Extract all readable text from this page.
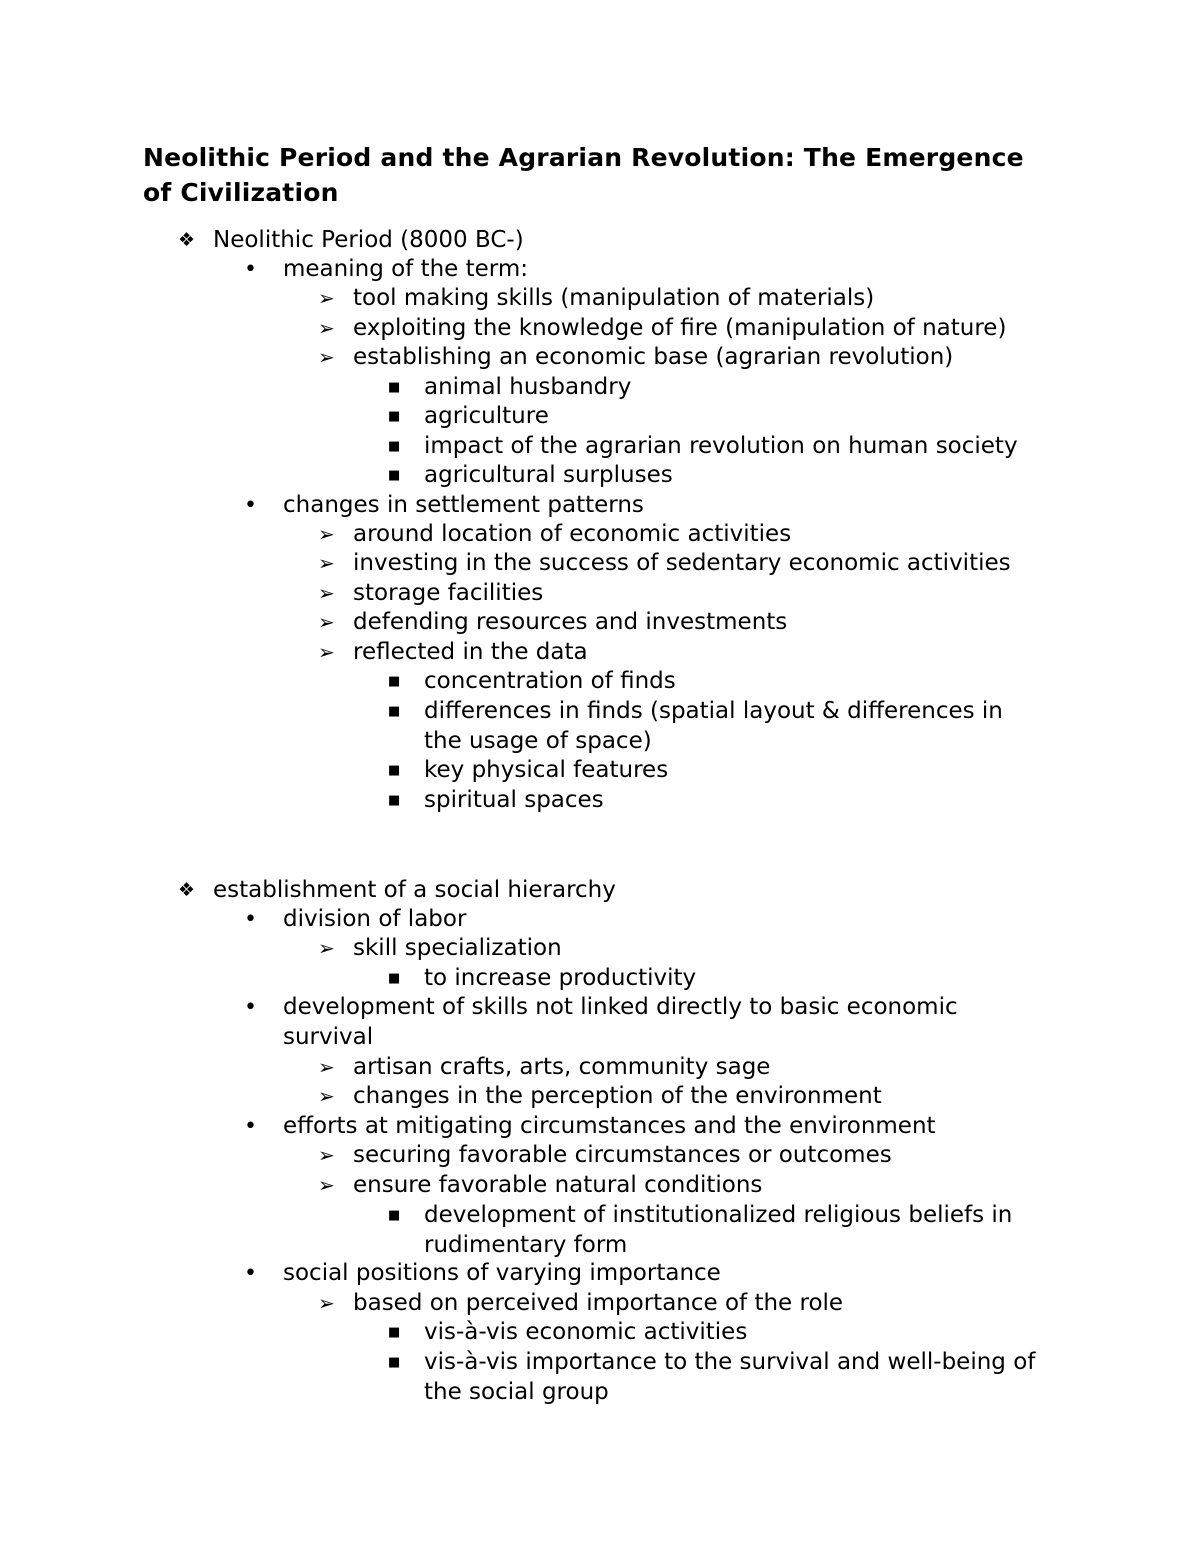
Neolithic Period and the Agrarian Revolution: The Emergence of Civilization
❖ Neolithic Period (8000 BC-)
• meaning of the term:
➢ tool making skills (manipulation of materials)
➢ exploiting the knowledge of fire (manipulation of nature)
➢ establishing an economic base (agrarian revolution)
■ animal husbandry
■ agriculture
■ impact of the agrarian revolution on human society
■ agricultural surpluses
• changes in settlement patterns
➢ around location of economic activities
➢ investing in the success of sedentary economic activities
➢ storage facilities
➢ defending resources and investments
➢ reflected in the data
■ concentration of finds
■ differences in finds (spatial layout & differences in the usage of space)
■ key physical features
■ spiritual spaces
❖ establishment of a social hierarchy
• division of labor
➢ skill specialization
■ to increase productivity
• development of skills not linked directly to basic economic survival
➢ artisan crafts, arts, community sage
➢ changes in the perception of the environment
• efforts at mitigating circumstances and the environment
➢ securing favorable circumstances or outcomes
➢ ensure favorable natural conditions
■ development of institutionalized religious beliefs in rudimentary form
• social positions of varying importance
➢ based on perceived importance of the role
■ vis-à-vis economic activities
■ vis-à-vis importance to the survival and well-being of the social group
